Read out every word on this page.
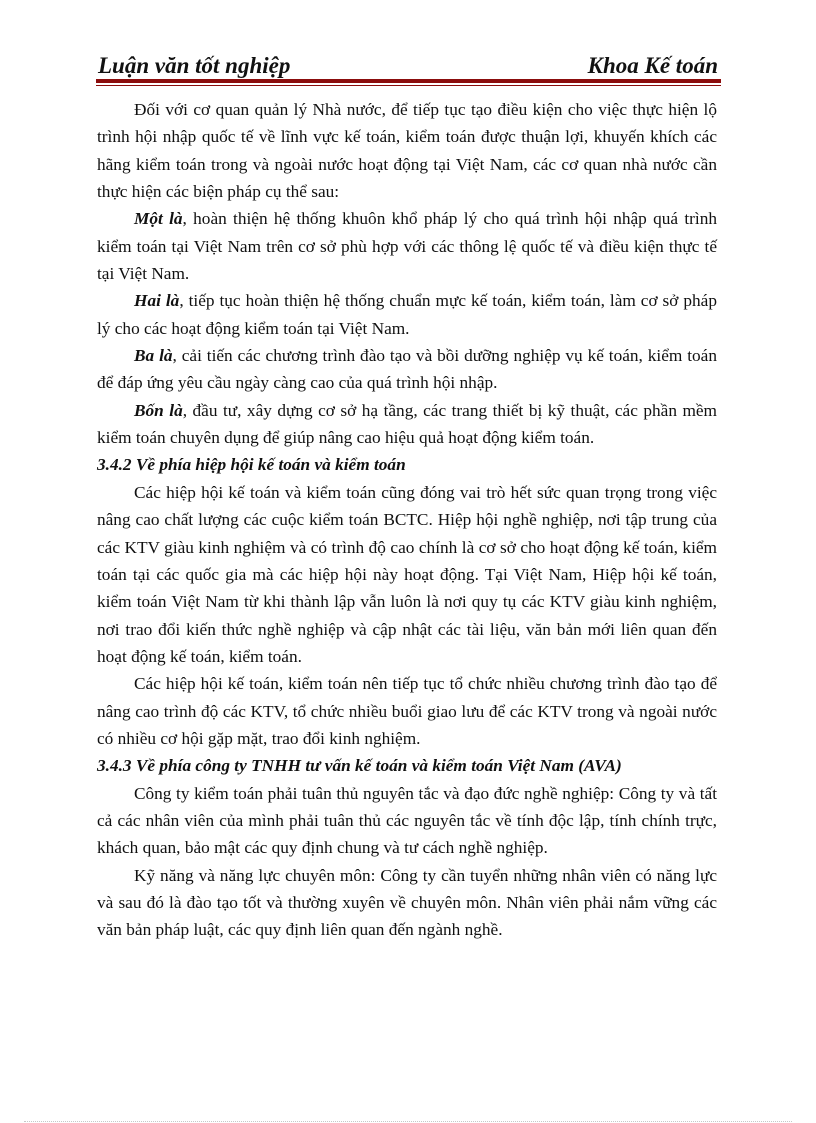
Luận văn tốt nghiệp	Khoa Kế toán

Đối với cơ quan quản lý Nhà nước, để tiếp tục tạo điều kiện cho việc thực hiện lộ trình hội nhập quốc tế về lĩnh vực kế toán, kiểm toán được thuận lợi, khuyến khích các hãng kiểm toán trong và ngoài nước hoạt động tại Việt Nam, các cơ quan nhà nước cần thực hiện các biện pháp cụ thể sau:

Một là, hoàn thiện hệ thống khuôn khổ pháp lý cho quá trình hội nhập quá trình kiểm toán tại Việt Nam trên cơ sở phù hợp với các thông lệ quốc tế và điều kiện thực tế tại Việt Nam.

Hai là, tiếp tục hoàn thiện hệ thống chuẩn mực kế toán, kiểm toán, làm cơ sở pháp lý cho các hoạt động kiểm toán tại Việt Nam.

Ba là, cải tiến các chương trình đào tạo và bồi dưỡng nghiệp vụ kế toán, kiểm toán để đáp ứng yêu cầu ngày càng cao của quá trình hội nhập.

Bốn là, đầu tư, xây dựng cơ sở hạ tầng, các trang thiết bị kỹ thuật, các phần mềm kiểm toán chuyên dụng để giúp nâng cao hiệu quả hoạt động kiểm toán.

3.4.2 Về phía hiệp hội kế toán và kiểm toán

Các hiệp hội kế toán và kiểm toán cũng đóng vai trò hết sức quan trọng trong việc nâng cao chất lượng các cuộc kiểm toán BCTC. Hiệp hội nghề nghiệp, nơi tập trung của các KTV giàu kinh nghiệm và có trình độ cao chính là cơ sở cho hoạt động kế toán, kiểm toán tại các quốc gia mà các hiệp hội này hoạt động. Tại Việt Nam, Hiệp hội kế toán, kiểm toán Việt Nam từ khi thành lập vẫn luôn là nơi quy tụ các KTV giàu kinh nghiệm, nơi trao đổi kiến thức nghề nghiệp và cập nhật các tài liệu, văn bản mới liên quan đến hoạt động kế toán, kiểm toán.

Các hiệp hội kế toán, kiểm toán nên tiếp tục tổ chức nhiều chương trình đào tạo để nâng cao trình độ các KTV, tổ chức nhiều buổi giao lưu để các KTV trong và ngoài nước có nhiều cơ hội gặp mặt, trao đổi kinh nghiệm.

3.4.3 Về phía công ty TNHH tư vấn kế toán và kiểm toán Việt Nam (AVA)

Công ty kiểm toán phải tuân thủ nguyên tắc và đạo đức nghề nghiệp: Công ty và tất cả các nhân viên của mình phải tuân thủ các nguyên tắc về tính độc lập, tính chính trực, khách quan, bảo mật các quy định chung và tư cách nghề nghiệp.

Kỹ năng và năng lực chuyên môn: Công ty cần tuyển những nhân viên có năng lực và sau đó là đào tạo tốt và thường xuyên về chuyên môn. Nhân viên phải nắm vững các văn bản pháp luật, các quy định liên quan đến ngành nghề.
